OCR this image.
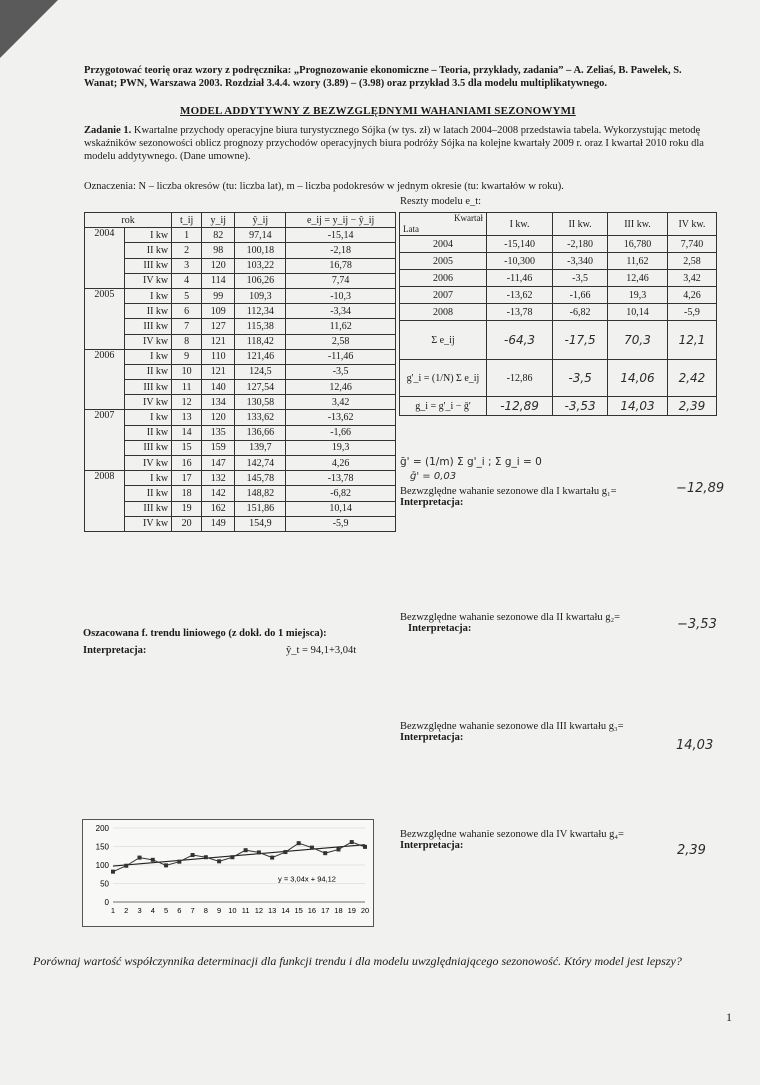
Przygotować teorię oraz wzory z podręcznika: „Prognozowanie ekonomiczne – Teoria, przykłady, zadania” – A. Zeliaś, B. Pawełek, S. Wanat; PWN, Warszawa 2003. Rozdział 3.4.4. wzory (3.89) – (3.98) oraz przykład 3.5 dla modelu multiplikatywnego.
MODEL ADDYTYWNY Z BEZWZGLĘDNYMI WAHANIAMI SEZONOWYMI
Zadanie 1. Kwartalne przychody operacyjne biura turystycznego Sójka (w tys. zł) w latach 2004–2008 przedstawia tabela. Wykorzystując metodę wskaźników sezonowości oblicz prognozy przychodów operacyjnych biura podróży Sójka na kolejne kwartały 2009 r. oraz I kwartał 2010 roku dla modelu addytywnego. (Dane umowne).
Oznaczenia: N – liczba okresów (tu: liczba lat), m – liczba podokresów w jednym okresie (tu: kwartałów w roku).
Reszty modelu e_t:
rok		t_ij	y_ij	ŷ_ij	e_ij = y_ij − ŷ_ij
2004	I kw	1	82	97,14	-15,14
	II kw	2	98	100,18	-2,18
	III kw	3	120	103,22	16,78
	IV kw	4	114	106,26	7,74
2005	I kw	5	99	109,3	-10,3
	II kw	6	109	112,34	-3,34
	III kw	7	127	115,38	11,62
	IV kw	8	121	118,42	2,58
2006	I kw	9	110	121,46	-11,46
	II kw	10	121	124,5	-3,5
	III kw	11	140	127,54	12,46
	IV kw	12	134	130,58	3,42
2007	I kw	13	120	133,62	-13,62
	II kw	14	135	136,66	-1,66
	III kw	15	159	139,7	19,3
	IV kw	16	147	142,74	4,26
2008	I kw	17	132	145,78	-13,78
	II kw	18	142	148,82	-6,82
	III kw	19	162	151,86	10,14
	IV kw	20	149	154,9	-5,9
Kwartał
Lata	I kw.	II kw.	III kw.	IV kw.
2004	-15,140	-2,180	16,780	7,740
2005	-10,300	-3,340	11,62	2,58
2006	-11,46	-3,5	12,46	3,42
2007	-13,62	-1,66	19,3	4,26
2008	-13,78	-6,82	10,14	-5,9
Σ e_ij	-64,3	-17,5	70,3	12,1
g'_i = (1/N) Σ e_ij	-12,86	-3,5	14,06	2,42
g_i = g'_i − ḡ'	-12,89	-3,53	14,03	2,39
ḡ' = (1/m) Σ g'_i ; Σ g_i = 0
ḡ' = 0,03
Bezwzględne wahanie sezonowe dla I kwartału g₁=
Interpretacja:
−12,89
Bezwzględne wahanie sezonowe dla II kwartału g₂=
Interpretacja:	−3,53
Bezwzględne wahanie sezonowe dla III kwartału g₃=
Interpretacja:
14,03
Bezwzględne wahanie sezonowe dla IV kwartału g₄=
Interpretacja:	2,39
Oszacowana f. trendu liniowego (z dokł. do 1 miejsca):
Interpretacja:	ŷ_t = 94,1+3,04t
0
50
100
150
200
1 2 3 4 5 6 7 8 9 10 11 12 13 14 15 16 17 18 19 20
y = 3,04x + 94,12
Porównaj wartość współczynnika determinacji dla funkcji trendu i dla modelu uwzględniającego sezonowość. Który model jest lepszy?
1
